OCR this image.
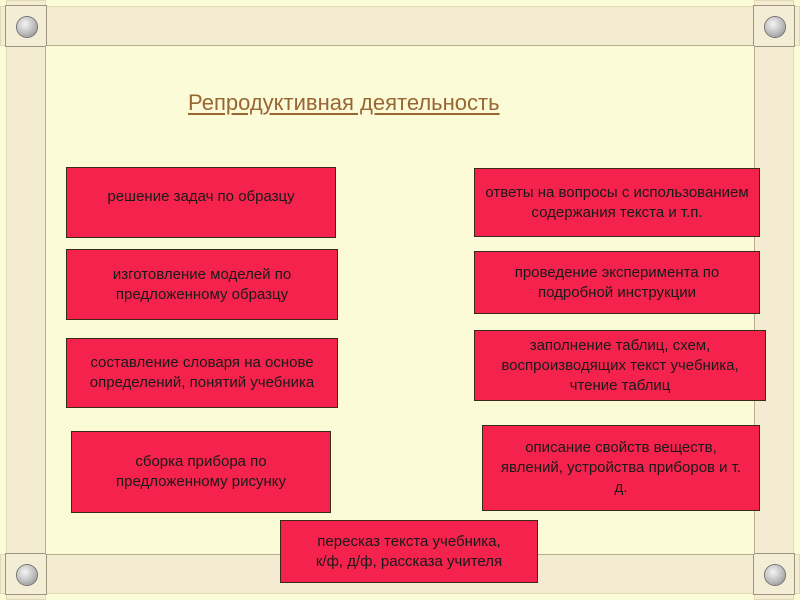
Репродуктивная деятельность
решение задач по образцу
изготовление моделей по предложенному образцу
составление словаря на основе определений, понятий учебника
сборка прибора по предложенному рисунку
ответы на вопросы с использованием содержания текста и т.п.
проведение эксперимента по подробной инструкции
заполнение таблиц, схем, воспроизводящих текст учебника, чтение таблиц
описание свойств веществ, явлений, устройства приборов и т. д.
пересказ текста учебника, к/ф, д/ф, рассказа учителя
